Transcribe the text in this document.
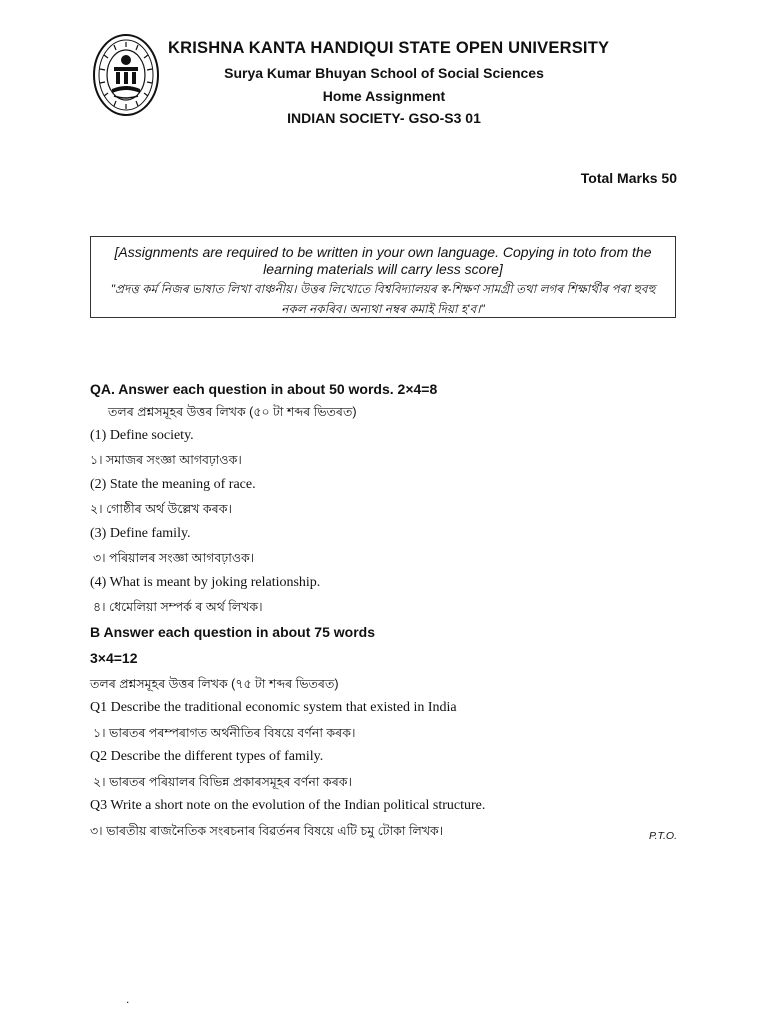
KRISHNA KANTA HANDIQUI STATE OPEN UNIVERSITY
Surya Kumar Bhuyan School of Social Sciences
Home Assignment
INDIAN SOCIETY- GSO-S3 01
Total Marks 50
[Assignments are required to be written in your own language. Copying in toto from the learning materials will carry less score]
"প্ৰদত্ত কৰ্ম নিজৰ ভাষাত লিখা বাঞ্চনীয়। উত্তৰ লিখোতে বিশ্ববিদ্যালয়ৰ স্ব-শিক্ষণ সামগ্ৰী তথা লগৰ শিক্ষাৰ্থীৰ পৰা হুবহু নকল নকৰিব। অন্যথা নম্বৰ কমাই দিয়া হ'ব।"
QA. Answer each question in about 50 words. 2×4=8
তলৰ প্ৰশ্নসমূহৰ উত্তৰ লিখক (৫০ টা শব্দৰ ভিতৰত)
(1) Define society.
১। সমাজৰ সংজ্ঞা আগবঢ়াওক।
(2) State the meaning of race.
২। গোষ্ঠীৰ অৰ্থ উল্লেখ কৰক।
(3) Define family.
৩। পৰিয়ালৰ সংজ্ঞা আগবঢ়াওক।
(4) What is meant by joking relationship.
৪। ধেমেলিয়া সম্পৰ্ক ৰ অৰ্থ লিখক।
B Answer each question in about 75 words
3×4=12
তলৰ প্ৰশ্নসমূহৰ উত্তৰ লিখক (৭৫ টা শব্দৰ ভিতৰত)
Q1 Describe the traditional economic system that existed in India
১। ভাৰতৰ পৰম্পৰাগত অৰ্থনীতিৰ বিষয়ে বৰ্ণনা কৰক।
Q2 Describe the different types of family.
২। ভাৰতৰ পৰিয়ালৰ বিভিন্ন প্ৰকাৰসমূহৰ বৰ্ণনা কৰক।
Q3 Write a short note on the evolution of the Indian political structure.
৩। ভাৰতীয় ৰাজনৈতিক সংৰচনাৰ বিৱৰ্তনৰ বিষয়ে এটি চমু টোকা লিখক।	P.T.O.
.
